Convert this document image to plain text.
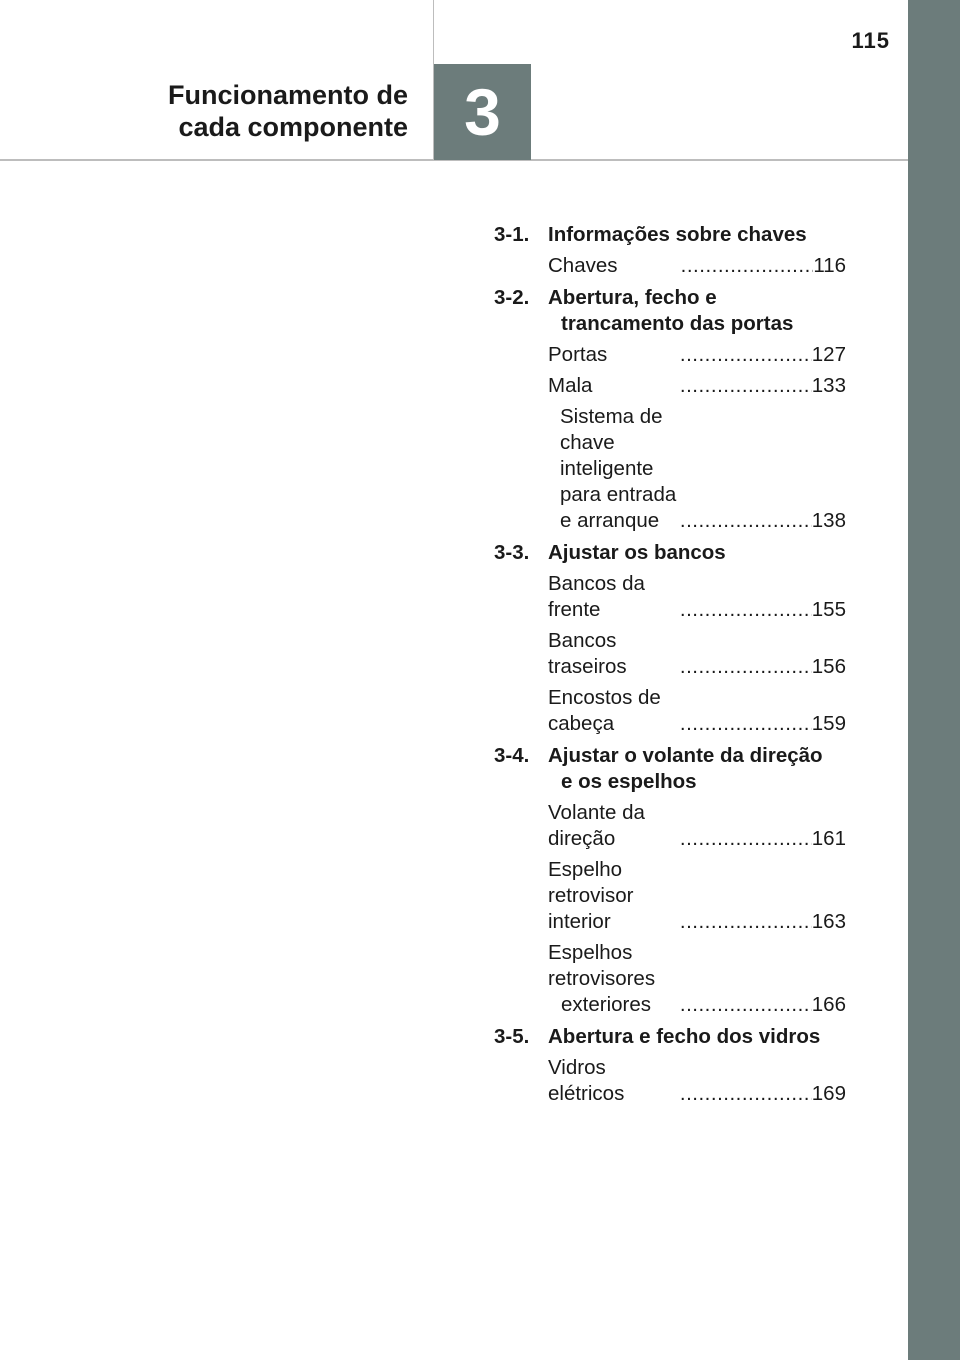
115
Funcionamento de
cada componente 3
3-1. Informações sobre chaves
Chaves .....	116
3-2. Abertura, fecho e
trancamento das portas
Portas .....	127
Mala .....	133
Sistema de chave
inteligente para entrada
e arranque .....	138
3-3. Ajustar os bancos
Bancos da frente .....	155
Bancos traseiros .....	156
Encostos de cabeça .....	159
3-4. Ajustar o volante da direção
e os espelhos
Volante da direção .....	161
Espelho retrovisor interior .....	163
Espelhos retrovisores
exteriores .....	166
3-5. Abertura e fecho dos vidros
Vidros elétricos .....	169
